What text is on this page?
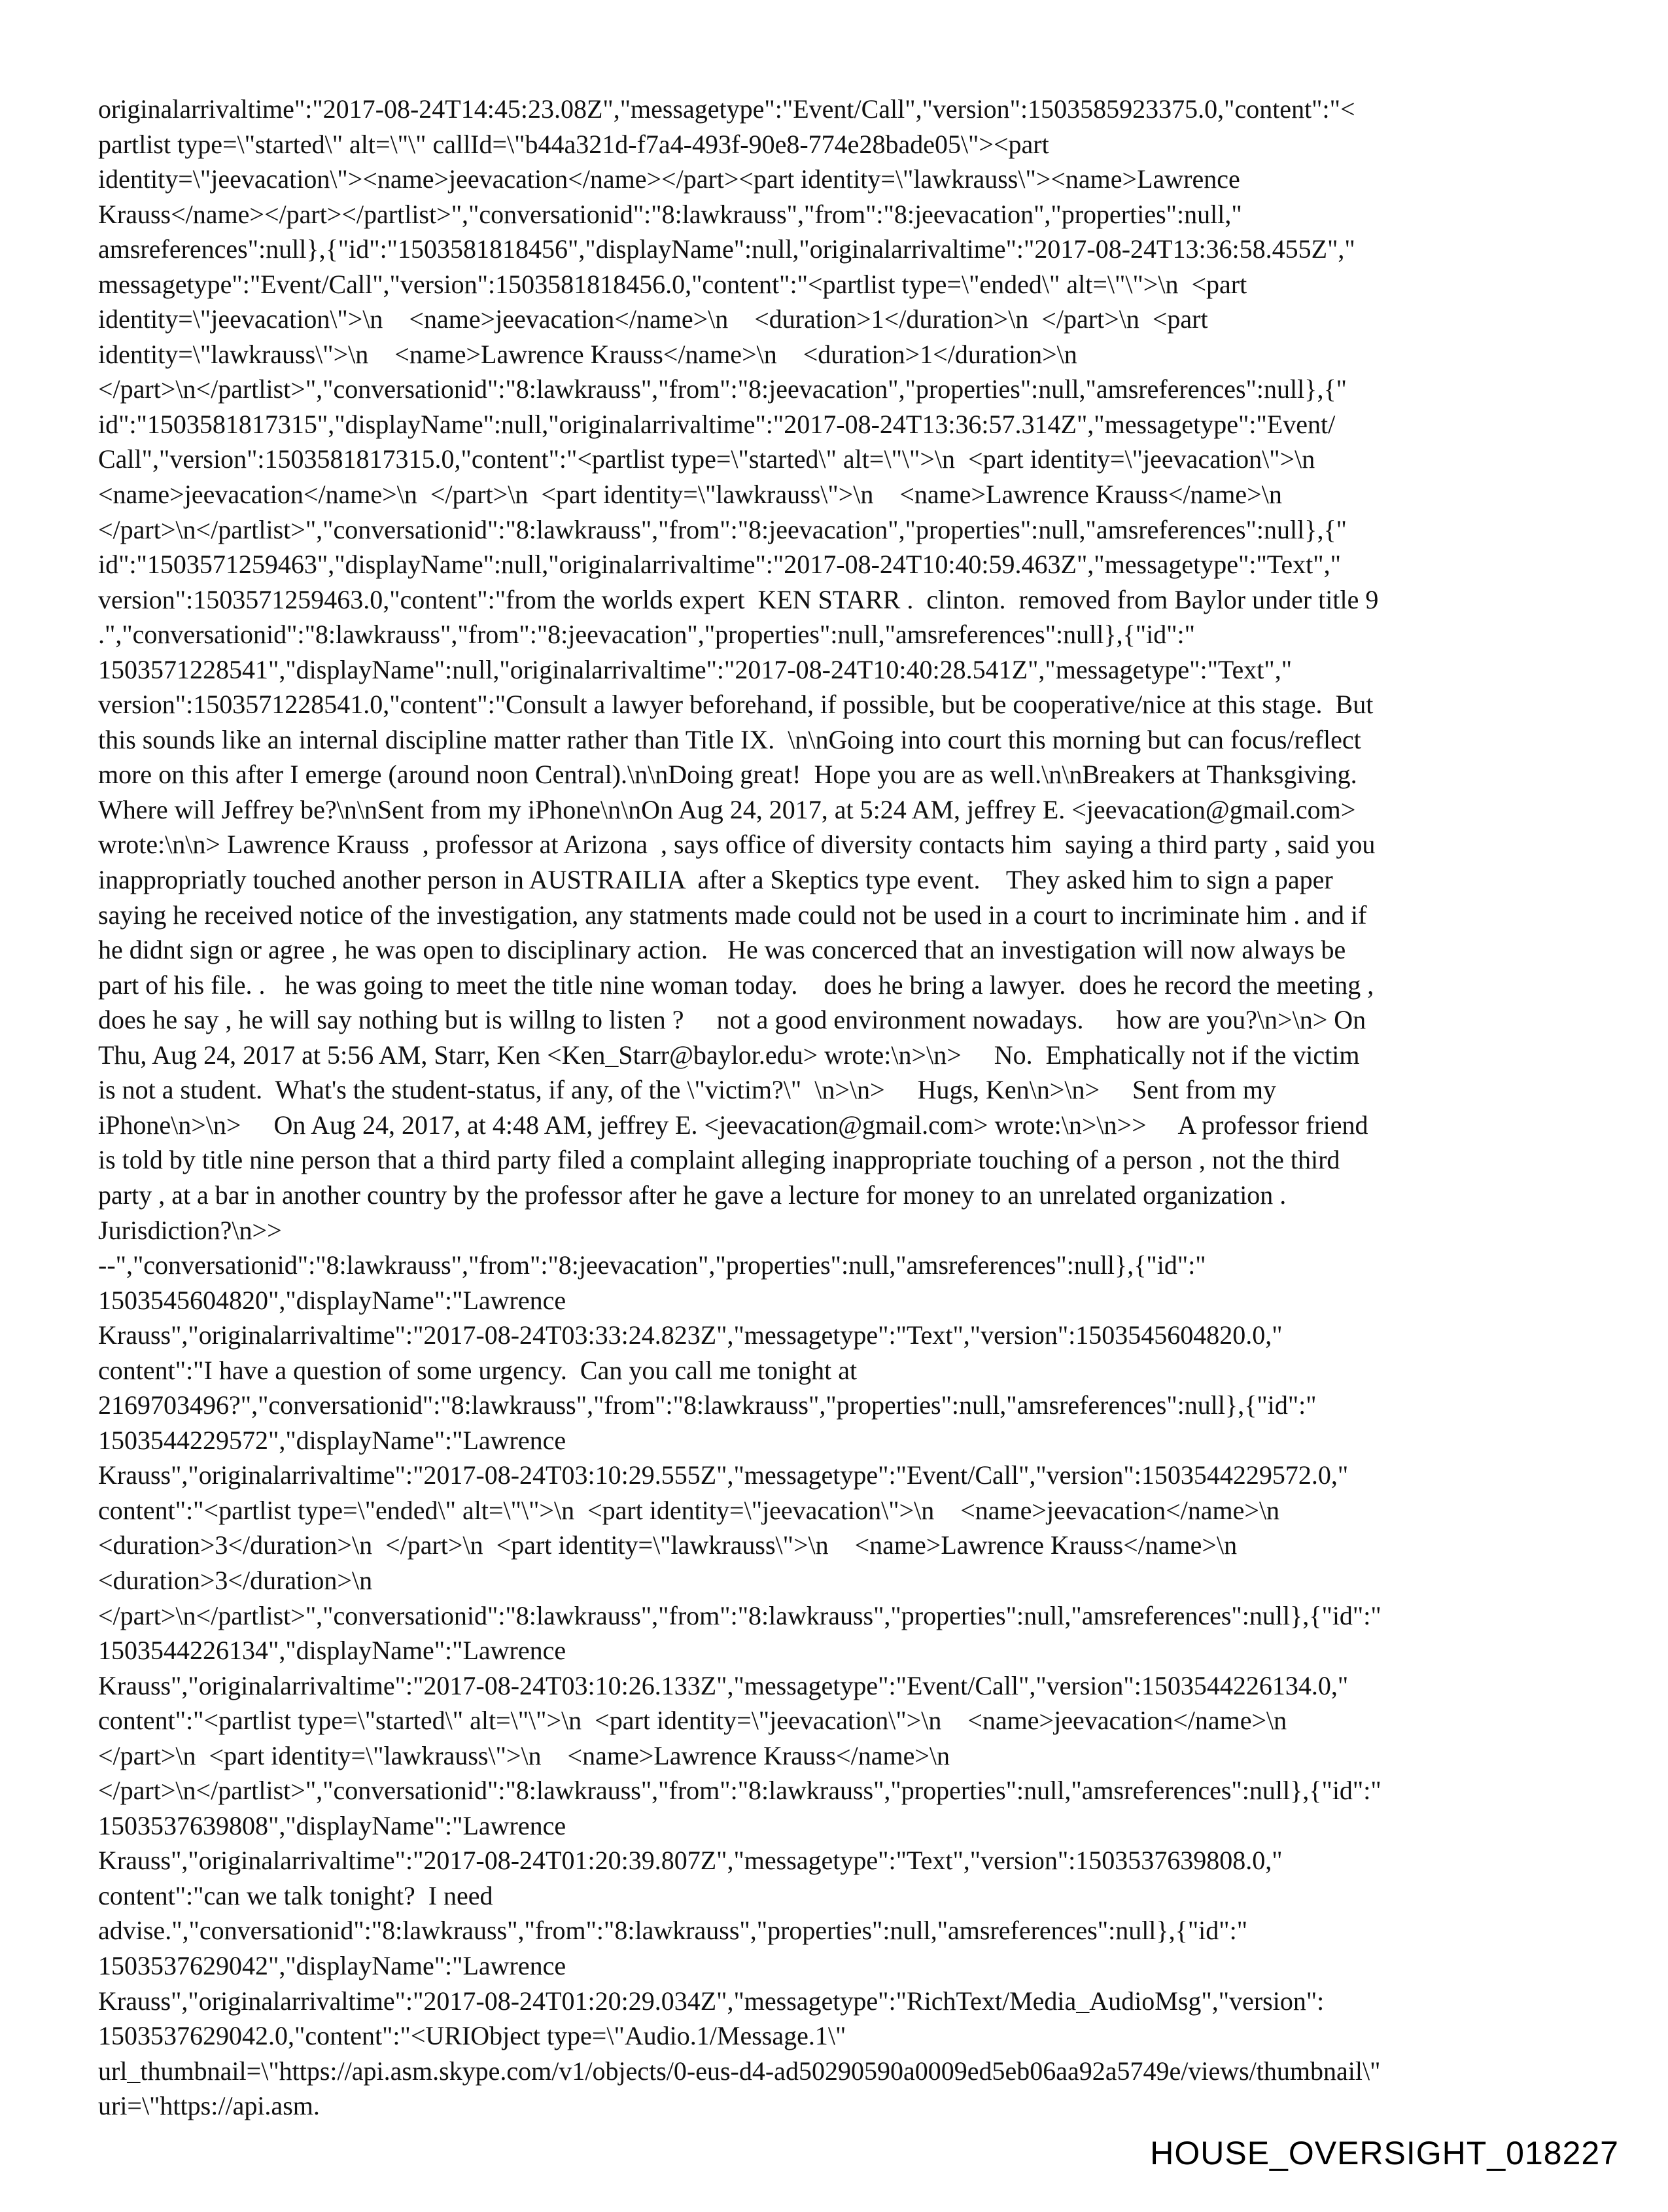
originalarrivaltime":"2017-08-24T14:45:23.08Z","messagetype":"Event/Call","version":1503585923375.0,"content":"<
partlist type=\"started\" alt=\"\" callId=\"b44a321d-f7a4-493f-90e8-774e28bade05\"><part
identity=\"jeevacation\"><name>jeevacation</name></part><part identity=\"lawkrauss\"><name>Lawrence
Krauss</name></part></partlist>","conversationid":"8:lawkrauss","from":"8:jeevacation","properties":null,"
amsreferences":null},{"id":"1503581818456","displayName":null,"originalarrivaltime":"2017-08-24T13:36:58.455Z","
messagetype":"Event/Call","version":1503581818456.0,"content":"<partlist type=\"ended\" alt=\"\">\n  <part
identity=\"jeevacation\">\n    <name>jeevacation</name>\n    <duration>1</duration>\n  </part>\n  <part
identity=\"lawkrauss\">\n    <name>Lawrence Krauss</name>\n    <duration>1</duration>\n
</part>\n</partlist>","conversationid":"8:lawkrauss","from":"8:jeevacation","properties":null,"amsreferences":null},{"
id":"1503581817315","displayName":null,"originalarrivaltime":"2017-08-24T13:36:57.314Z","messagetype":"Event/
Call","version":1503581817315.0,"content":"<partlist type=\"started\" alt=\"\">\n  <part identity=\"jeevacation\">\n
<name>jeevacation</name>\n  </part>\n  <part identity=\"lawkrauss\">\n    <name>Lawrence Krauss</name>\n
</part>\n</partlist>","conversationid":"8:lawkrauss","from":"8:jeevacation","properties":null,"amsreferences":null},{"
id":"1503571259463","displayName":null,"originalarrivaltime":"2017-08-24T10:40:59.463Z","messagetype":"Text","
version":1503571259463.0,"content":"from the worlds expert  KEN STARR .  clinton.  removed from Baylor under title 9
.","conversationid":"8:lawkrauss","from":"8:jeevacation","properties":null,"amsreferences":null},{"id":"
1503571228541","displayName":null,"originalarrivaltime":"2017-08-24T10:40:28.541Z","messagetype":"Text","
version":1503571228541.0,"content":"Consult a lawyer beforehand, if possible, but be cooperative/nice at this stage.  But
this sounds like an internal discipline matter rather than Title IX.  \n\nGoing into court this morning but can focus/reflect
more on this after I emerge (around noon Central).\n\nDoing great!  Hope you are as well.\n\nBreakers at Thanksgiving.
Where will Jeffrey be?\n\nSent from my iPhone\n\nOn Aug 24, 2017, at 5:24 AM, jeffrey E. <jeevacation@gmail.com>
wrote:\n\n> Lawrence Krauss  , professor at Arizona  , says office of diversity contacts him  saying a third party , said you
inappropriatly touched another person in AUSTRAILIA  after a Skeptics type event.    They asked him to sign a paper
saying he received notice of the investigation, any statments made could not be used in a court to incriminate him . and if
he didnt sign or agree , he was open to disciplinary action.   He was concerced that an investigation will now always be
part of his file. .   he was going to meet the title nine woman today.    does he bring a lawyer.  does he record the meeting ,
does he say , he will say nothing but is willng to listen ?     not a good environment nowadays.     how are you?\n>\n> On
Thu, Aug 24, 2017 at 5:56 AM, Starr, Ken <Ken_Starr@baylor.edu> wrote:\n>\n>     No.  Emphatically not if the victim
is not a student.  What's the student-status, if any, of the \"victim?\"  \n>\n>     Hugs, Ken\n>\n>     Sent from my
iPhone\n>\n>     On Aug 24, 2017, at 4:48 AM, jeffrey E. <jeevacation@gmail.com> wrote:\n>\n>>     A professor friend
is told by title nine person that a third party filed a complaint alleging inappropriate touching of a person , not the third
party , at a bar in another country by the professor after he gave a lecture for money to an unrelated organization .
Jurisdiction?\n>>
--","conversationid":"8:lawkrauss","from":"8:jeevacation","properties":null,"amsreferences":null},{"id":"
1503545604820","displayName":"Lawrence
Krauss","originalarrivaltime":"2017-08-24T03:33:24.823Z","messagetype":"Text","version":1503545604820.0,"
content":"I have a question of some urgency.  Can you call me tonight at
2169703496?","conversationid":"8:lawkrauss","from":"8:lawkrauss","properties":null,"amsreferences":null},{"id":"
1503544229572","displayName":"Lawrence
Krauss","originalarrivaltime":"2017-08-24T03:10:29.555Z","messagetype":"Event/Call","version":1503544229572.0,"
content":"<partlist type=\"ended\" alt=\"\">\n  <part identity=\"jeevacation\">\n    <name>jeevacation</name>\n
<duration>3</duration>\n  </part>\n  <part identity=\"lawkrauss\">\n    <name>Lawrence Krauss</name>\n
<duration>3</duration>\n
</part>\n</partlist>","conversationid":"8:lawkrauss","from":"8:lawkrauss","properties":null,"amsreferences":null},{"id":"
1503544226134","displayName":"Lawrence
Krauss","originalarrivaltime":"2017-08-24T03:10:26.133Z","messagetype":"Event/Call","version":1503544226134.0,"
content":"<partlist type=\"started\" alt=\"\">\n  <part identity=\"jeevacation\">\n    <name>jeevacation</name>\n
</part>\n  <part identity=\"lawkrauss\">\n    <name>Lawrence Krauss</name>\n
</part>\n</partlist>","conversationid":"8:lawkrauss","from":"8:lawkrauss","properties":null,"amsreferences":null},{"id":"
1503537639808","displayName":"Lawrence
Krauss","originalarrivaltime":"2017-08-24T01:20:39.807Z","messagetype":"Text","version":1503537639808.0,"
content":"can we talk tonight?  I need
advise.","conversationid":"8:lawkrauss","from":"8:lawkrauss","properties":null,"amsreferences":null},{"id":"
1503537629042","displayName":"Lawrence
Krauss","originalarrivaltime":"2017-08-24T01:20:29.034Z","messagetype":"RichText/Media_AudioMsg","version":
1503537629042.0,"content":"<URIObject type=\"Audio.1/Message.1\"
url_thumbnail=\"https://api.asm.skype.com/v1/objects/0-eus-d4-ad50290590a0009ed5eb06aa92a5749e/views/thumbnail\"
uri=\"https://api.asm.
HOUSE_OVERSIGHT_018227
